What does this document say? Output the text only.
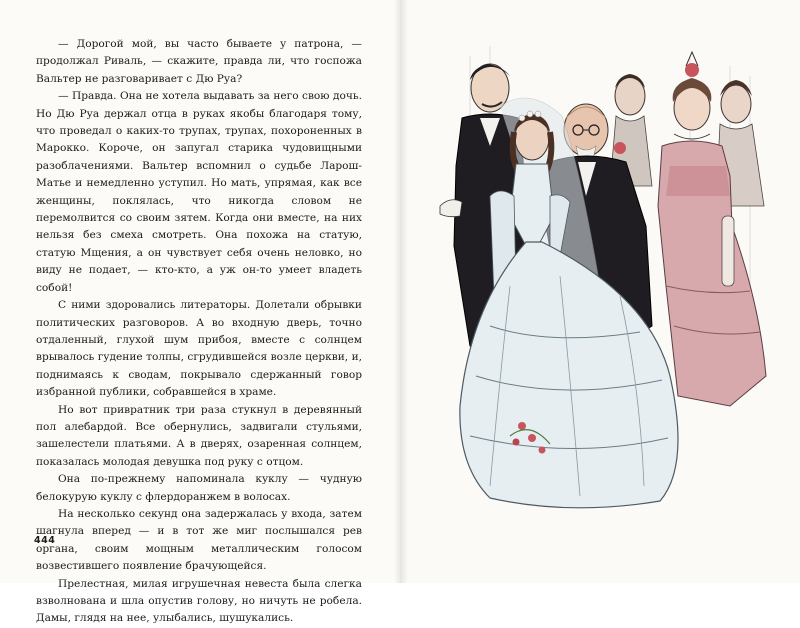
— Дорогой мой, вы часто бываете у патрона, — продолжал Риваль, — скажите, правда ли, что госпожа Вальтер не разговаривает с Дю Руа?

— Правда. Она не хотела выдавать за него свою дочь. Но Дю Руа держал отца в руках якобы благодаря тому, что проведал о каких-то трупах, трупах, похороненных в Марокко. Короче, он запугал старика чудовищными разоблачениями. Вальтер вспомнил о судьбе Ларош-Матье и немедленно уступил. Но мать, упрямая, как все женщины, поклялась, что никогда словом не перемолвится со своим зятем. Когда они вместе, на них нельзя без смеха смотреть. Она похожа на статую, статую Мщения, а он чувствует себя очень неловко, но виду не подает, — кто-кто, а уж он-то умеет владеть собой!

С ними здоровались литераторы. Долетали обрывки политических разговоров. А во входную дверь, точно отдаленный, глухой шум прибоя, вместе с солнцем врывалось гудение толпы, сгрудившейся возле церкви, и, поднимаясь к сводам, покрывало сдержанный говор избранной публики, собравшейся в храме.

Но вот привратник три раза стукнул в деревянный пол алебардой. Все обернулись, задвигали стульями, зашелестели платьями. А в дверях, озаренная солнцем, показалась молодая девушка под руку с отцом.

Она по-прежнему напоминала куклу — чудную белокурую куклу с флердоранжем в волосах.

На несколько секунд она задержалась у входа, затем шагнула вперед — и в тот же миг послышался рев органа, своим мощным металлическим голосом возвестившего появление брачующейся.

Прелестная, милая игрушечная невеста была слегка взволнована и шла опустив голову, но ничуть не робела. Дамы, глядя на нее, улыбались, шушукались.

444
